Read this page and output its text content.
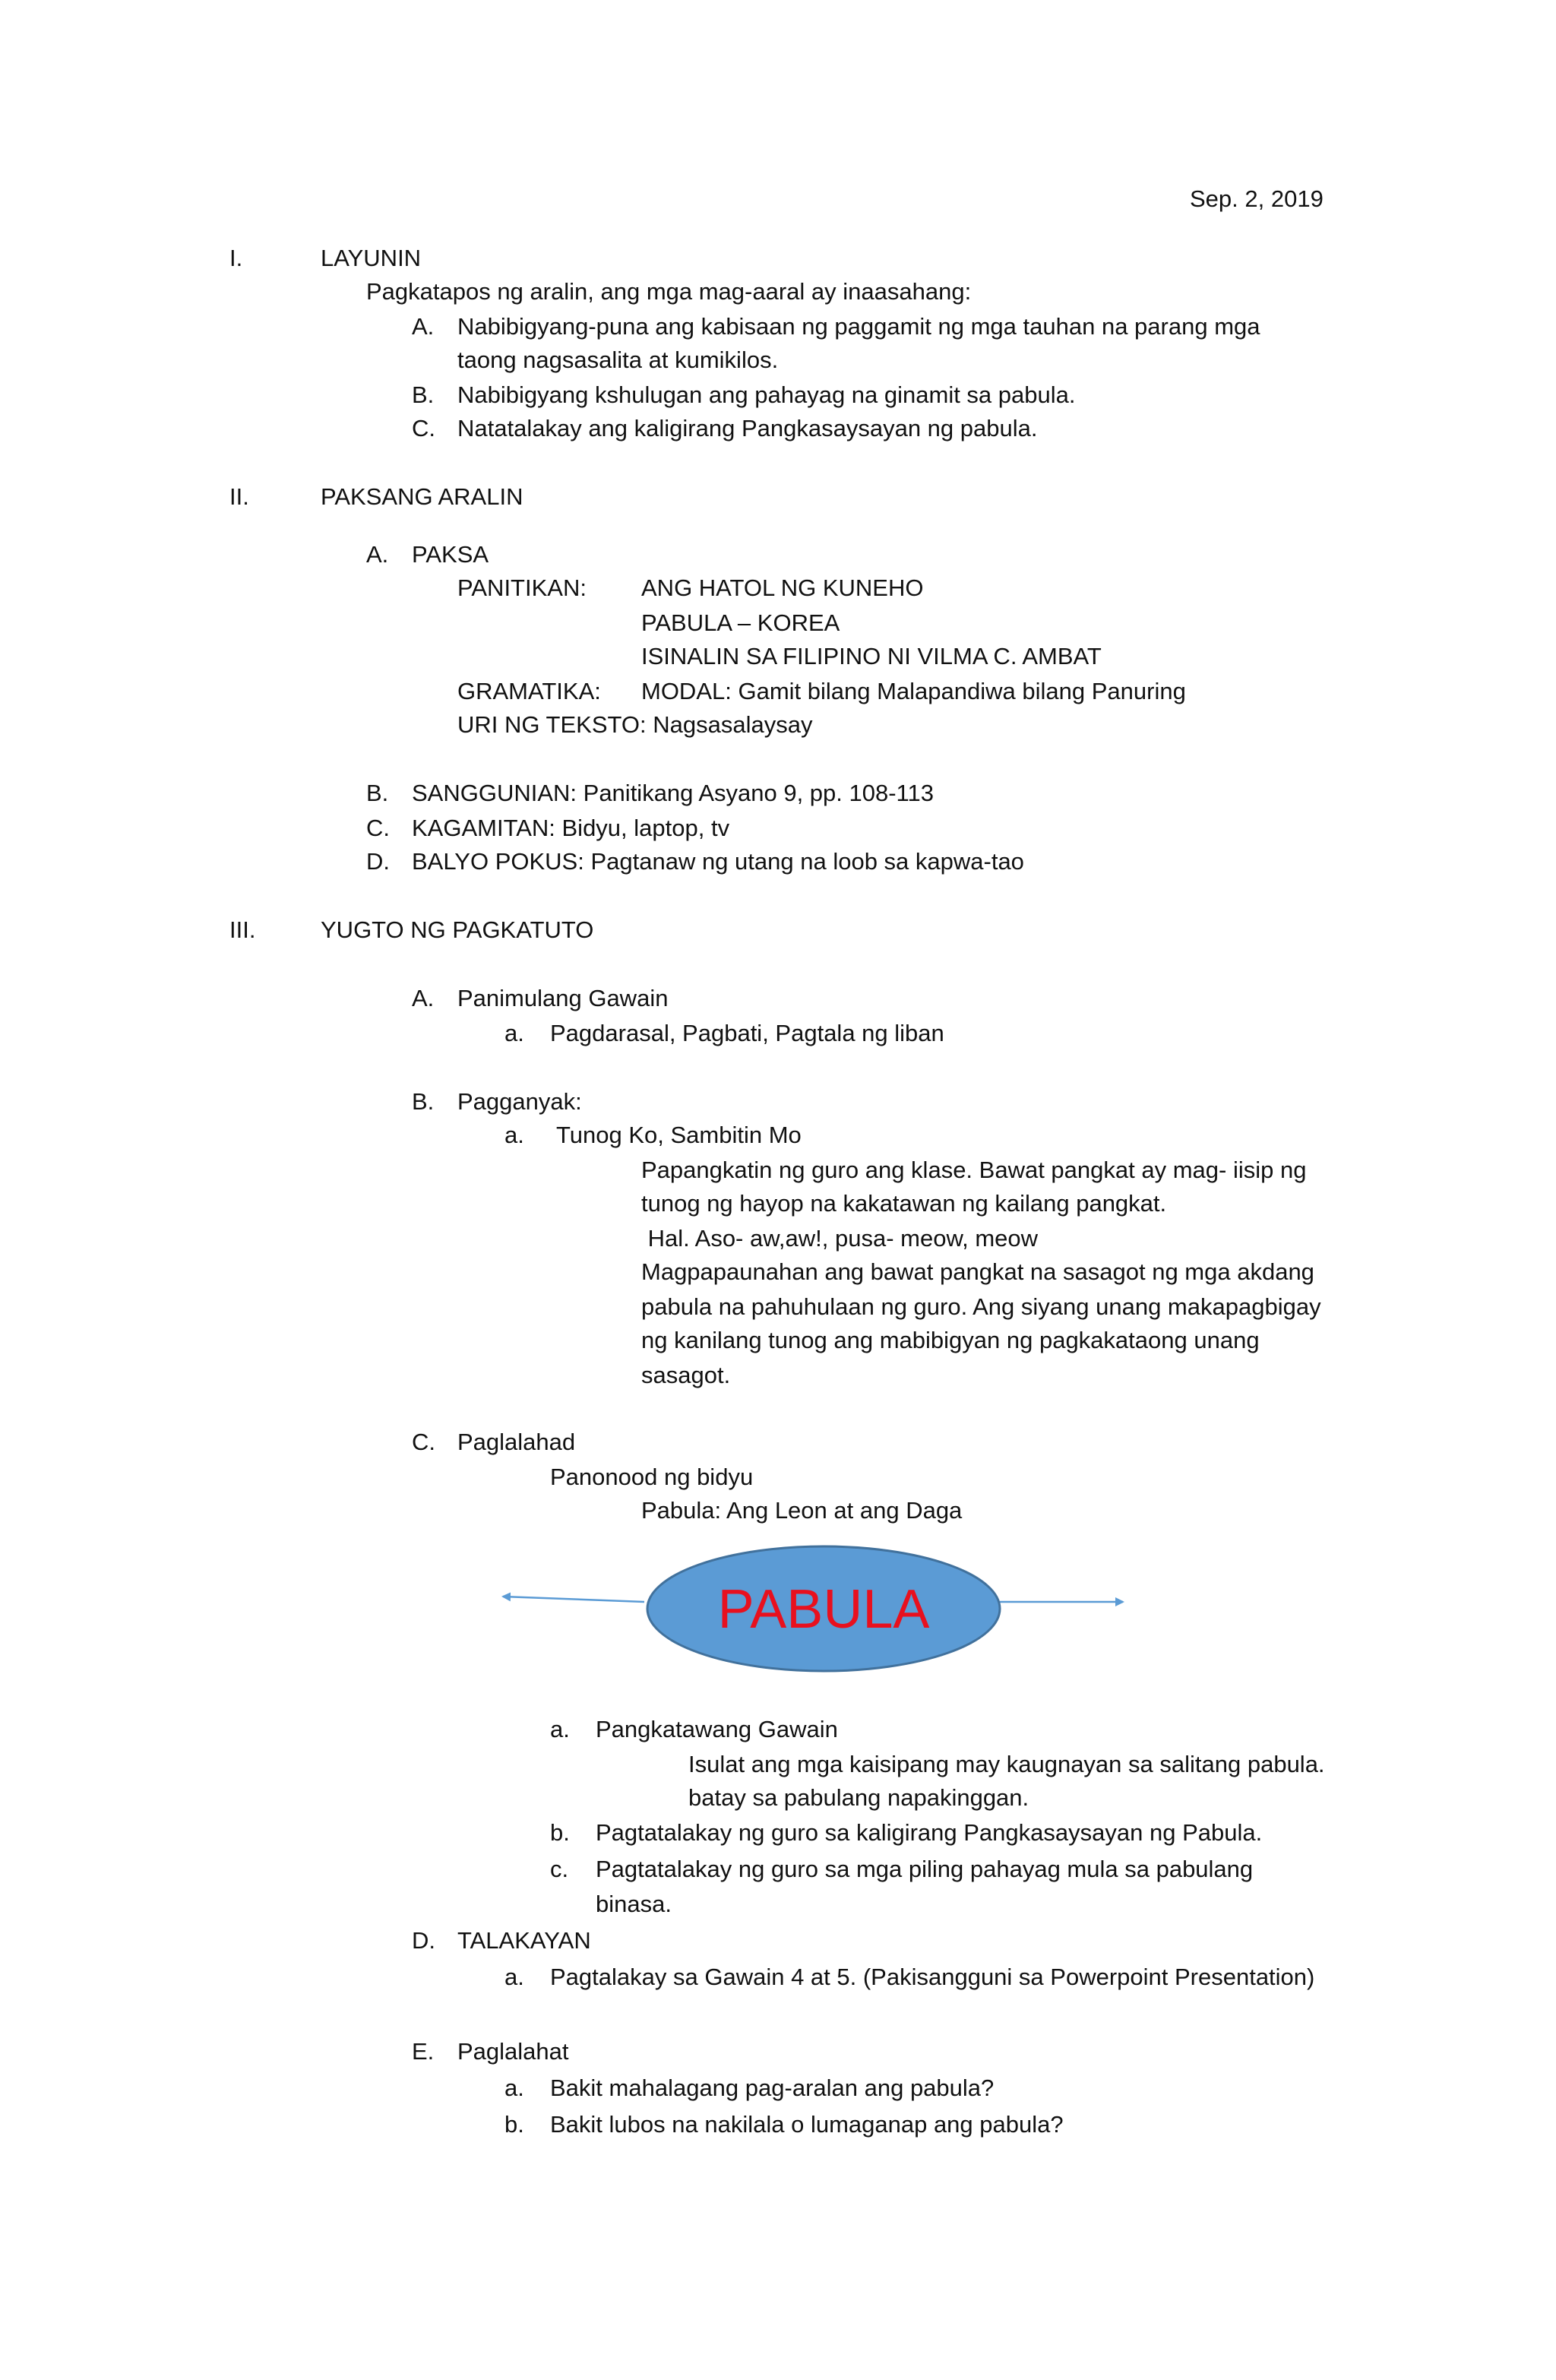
Sep. 2, 2019

I.	LAYUNIN

Pagkatapos ng aralin, ang mga mag-aaral ay inaasahang:

A. Nabibigyang-puna ang kabisaan ng paggamit ng mga tauhan na parang mga

taong nagsasalita at kumikilos.

B. Nabibigyang kshulugan ang pahayag na ginamit sa pabula.

C. Natatalakay ang kaligirang Pangkasaysayan ng pabula.

II.	PAKSANG ARALIN

A. PAKSA

PANITIKAN: ANG HATOL NG KUNEHO

PABULA – KOREA

ISINALIN SA FILIPINO NI VILMA C. AMBAT

GRAMATIKA: MODAL: Gamit bilang Malapandiwa bilang Panuring

URI NG TEKSTO: Nagsasalaysay

B. SANGGUNIAN: Panitikang Asyano 9, pp. 108-113

C. KAGAMITAN: Bidyu, laptop, tv

D. BALYO POKUS: Pagtanaw ng utang na loob sa kapwa-tao

III.	YUGTO NG PAGKATUTO

A. Panimulang Gawain

a. Pagdarasal, Pagbati, Pagtala ng liban

B. Pagganyak:

a. Tunog Ko, Sambitin Mo

Papangkatin ng guro ang klase. Bawat pangkat ay mag- iisip ng

tunog ng hayop na kakatawan ng kailang pangkat.

Hal. Aso- aw,aw!, pusa- meow, meow

Magpapaunahan ang bawat pangkat na sasagot ng mga akdang

pabula na pahuhulaan ng guro. Ang siyang unang makapagbigay

ng kanilang tunog ang mabibigyan ng pagkakataong unang

sasagot.

C. Paglalahad

Panonood ng bidyu

Pabula: Ang Leon at ang Daga

PABULA

a. Pangkatawang Gawain

Isulat ang mga kaisipang may kaugnayan sa salitang pabula.

batay sa pabulang napakinggan.

b. Pagtatalakay ng guro sa kaligirang Pangkasaysayan ng Pabula.

c. Pagtatalakay ng guro sa mga piling pahayag mula sa pabulang

binasa.

D. TALAKAYAN

a. Pagtalakay sa Gawain 4 at 5. (Pakisangguni sa Powerpoint Presentation)

E. Paglalahat

a. Bakit mahalagang pag-aralan ang pabula?

b. Bakit lubos na nakilala o lumaganap ang pabula?
